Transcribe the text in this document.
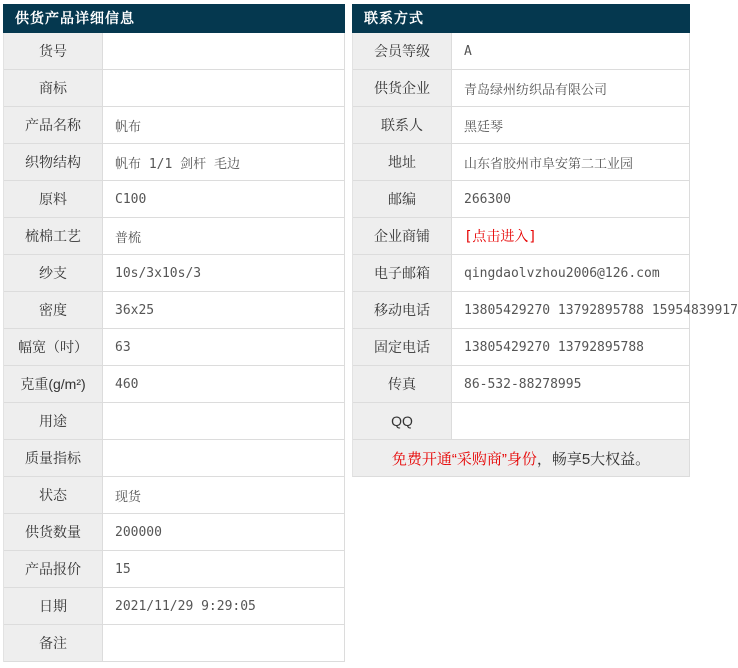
供货产品详细信息
货号
商标
产品名称	帆布
织物结构	帆布 1/1 剑杆 毛边
原料	C100
梳棉工艺	普梳
纱支	10s/3x10s/3
密度	36x25
幅宽（吋）	63
克重(g/m²)	460
用途
质量指标
状态	现货
供货数量	200000
产品报价	15
日期	2021/11/29 9:29:05
备注
联系方式
会员等级	A
供货企业	青岛绿州纺织品有限公司
联系人	黑廷琴
地址	山东省胶州市阜安第二工业园
邮编	266300
企业商铺	[点击进入]
电子邮箱	qingdaolvzhou2006@126.com
移动电话	13805429270 13792895788 15954839917
固定电话	13805429270 13792895788
传真	86-532-88278995
QQ
免费开通“采购商”身份 ，畅享5大权益。
